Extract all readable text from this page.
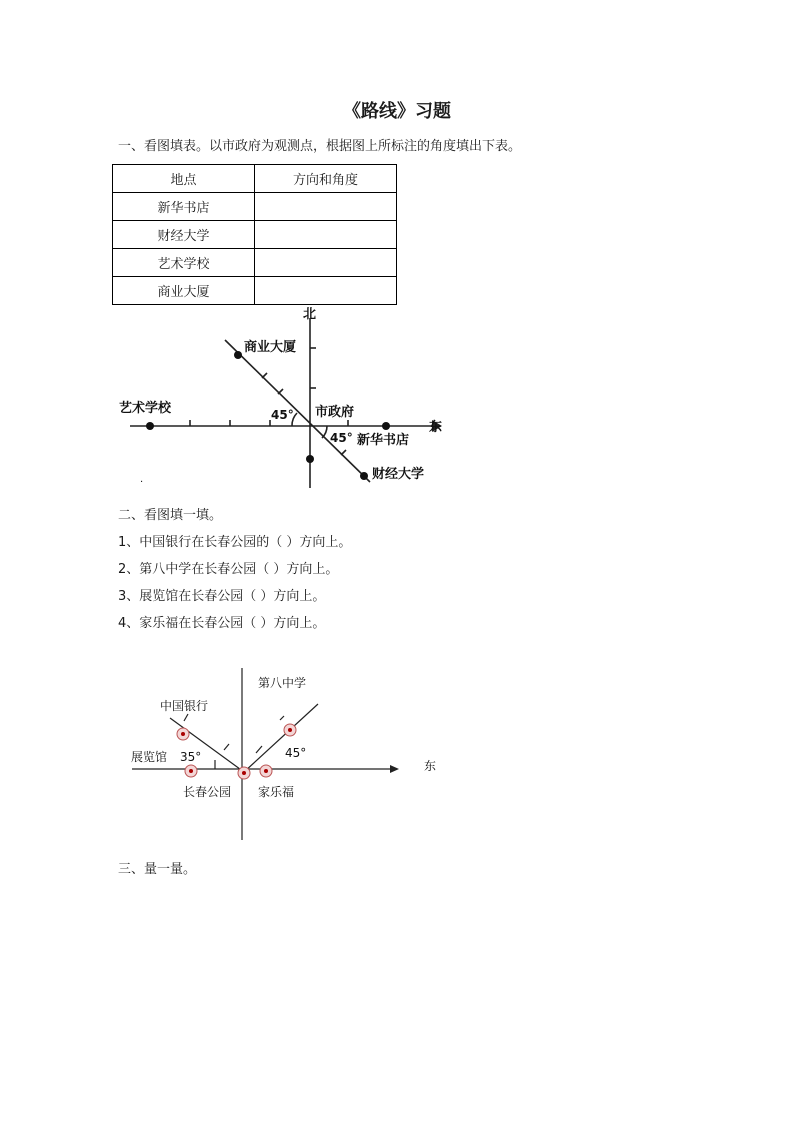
《路线》习题
一、看图填表。以市政府为观测点，根据图上所标注的角度填出下表。
地点	方向和角度
新华书店	
财经大学	
艺术学校	
商业大厦	
北
东
商业大厦
艺术学校	市政府
新华书店
财经大学
45°
45°
.
二、看图填一填。
1、中国银行在长春公园的（ ）方向上。
2、第八中学在长春公园（ ）方向上。
3、展览馆在长春公园（ ）方向上。
4、家乐福在长春公园（ ）方向上。
第八中学
中国银行
展览馆
长春公园 家乐福
东
35°	45°
三、量一量。
